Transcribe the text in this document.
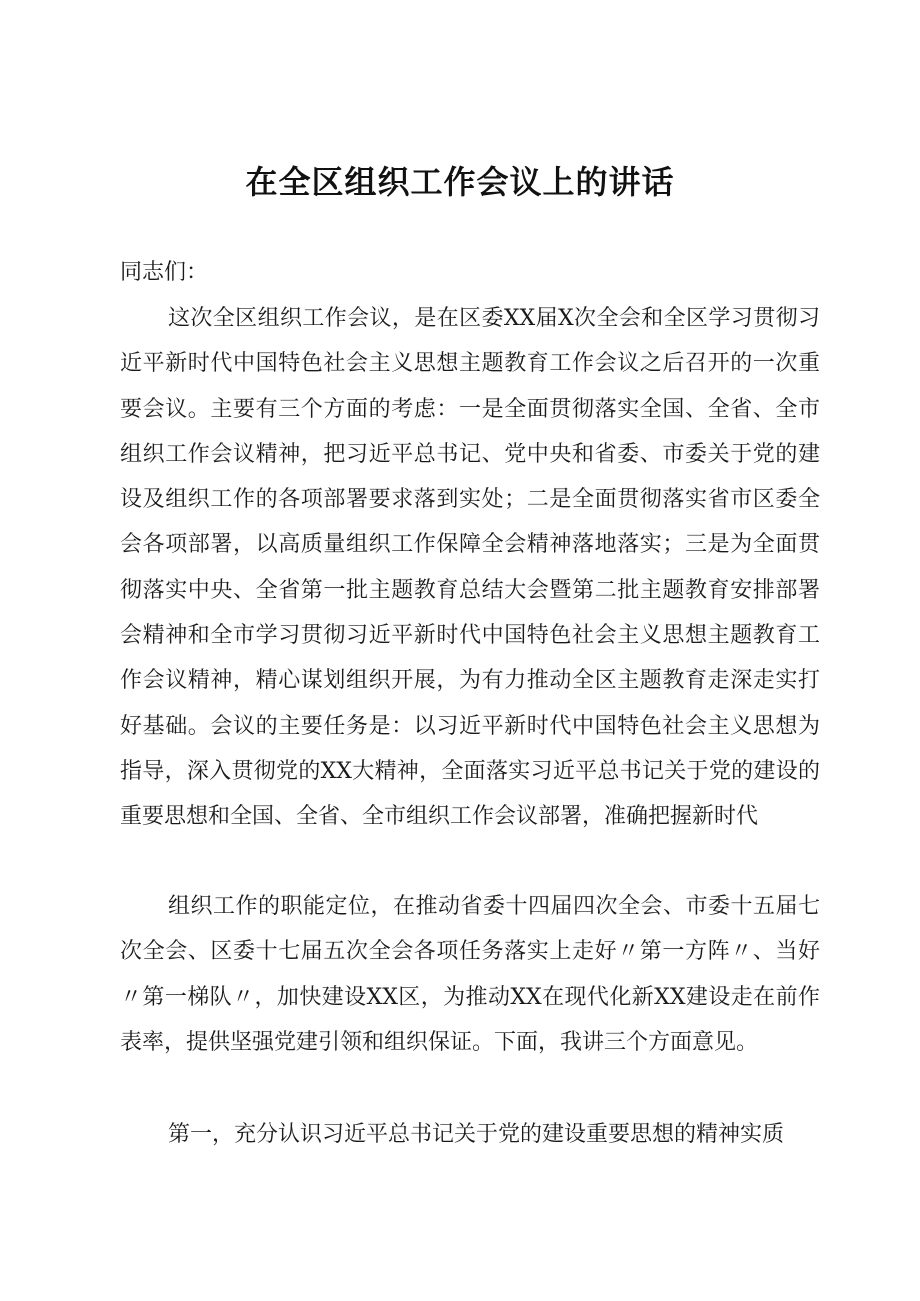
在全区组织工作会议上的讲话
同志们：
这次全区组织工作会议，是在区委XX届X次全会和全区学习贯彻习近平新时代中国特色社会主义思想主题教育工作会议之后召开的一次重要会议。主要有三个方面的考虑：一是全面贯彻落实全国、全省、全市组织工作会议精神，把习近平总书记、党中央和省委、市委关于党的建设及组织工作的各项部署要求落到实处；二是全面贯彻落实省市区委全会各项部署，以高质量组织工作保障全会精神落地落实；三是为全面贯彻落实中央、全省第一批主题教育总结大会暨第二批主题教育安排部署会精神和全市学习贯彻习近平新时代中国特色社会主义思想主题教育工作会议精神，精心谋划组织开展，为有力推动全区主题教育走深走实打好基础。会议的主要任务是：以习近平新时代中国特色社会主义思想为指导，深入贯彻党的XX大精神，全面落实习近平总书记关于党的建设的重要思想和全国、全省、全市组织工作会议部署，准确把握新时代
组织工作的职能定位，在推动省委十四届四次全会、市委十五届七次全会、区委十七届五次全会各项任务落实上走好〃第一方阵〃、当好〃第一梯队〃，加快建设XX区，为推动XX在现代化新XX建设走在前作表率，提供坚强党建引领和组织保证。下面，我讲三个方面意见。
第一，充分认识习近平总书记关于党的建设重要思想的精神实质
